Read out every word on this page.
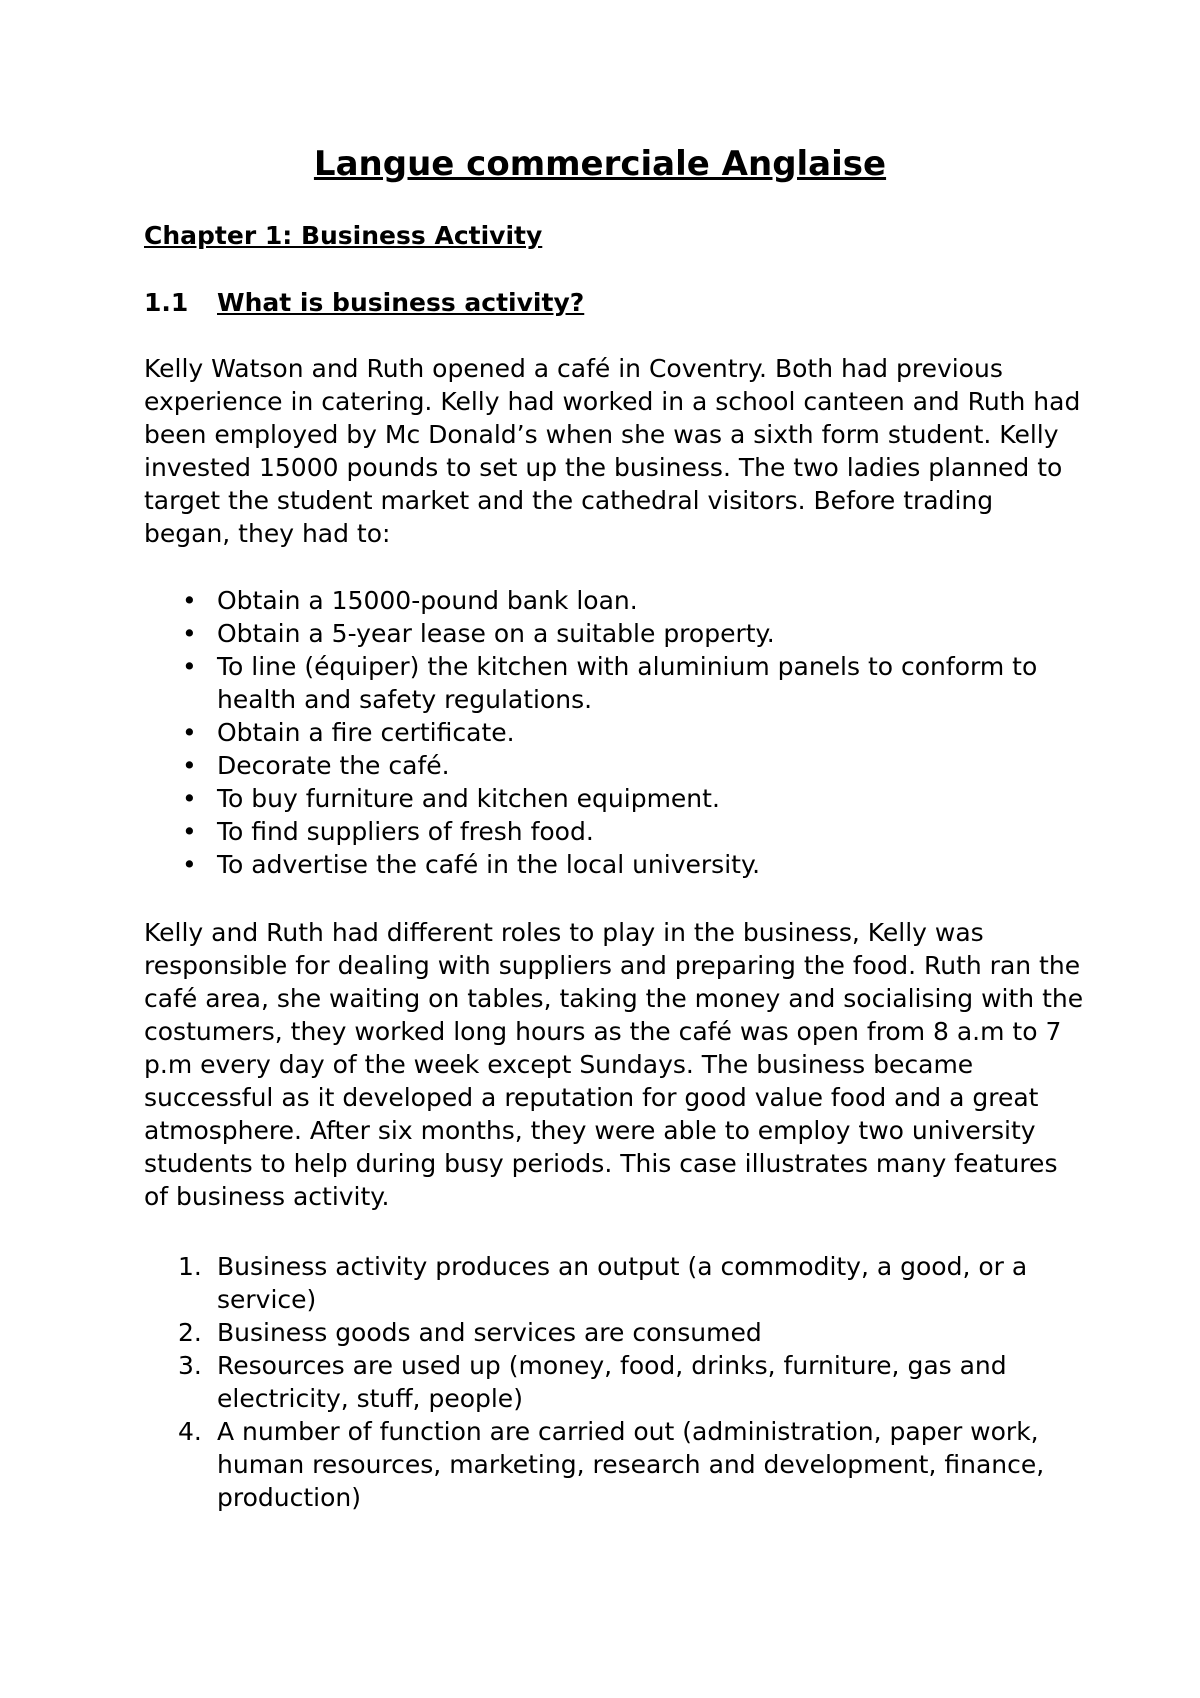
Langue commerciale Anglaise
Chapter 1: Business Activity
1.1 What is business activity?

Kelly Watson and Ruth opened a café in Coventry. Both had previous experience in catering. Kelly had worked in a school canteen and Ruth had been employed by Mc Donald’s when she was a sixth form student. Kelly invested 15000 pounds to set up the business. The two ladies planned to target the student market and the cathedral visitors. Before trading began, they had to:

• Obtain a 15000-pound bank loan.
• Obtain a 5-year lease on a suitable property.
• To line (équiper) the kitchen with aluminium panels to conform to health and safety regulations.
• Obtain a fire certificate.
• Decorate the café.
• To buy furniture and kitchen equipment.
• To find suppliers of fresh food.
• To advertise the café in the local university.

Kelly and Ruth had different roles to play in the business, Kelly was responsible for dealing with suppliers and preparing the food. Ruth ran the café area, she waiting on tables, taking the money and socialising with the costumers, they worked long hours as the café was open from 8 a.m to 7 p.m every day of the week except Sundays. The business became successful as it developed a reputation for good value food and a great atmosphere. After six months, they were able to employ two university students to help during busy periods. This case illustrates many features of business activity.

1. Business activity produces an output (a commodity, a good, or a service)
2. Business goods and services are consumed
3. Resources are used up (money, food, drinks, furniture, gas and electricity, stuff, people)
4. A number of function are carried out (administration, paper work, human resources, marketing, research and development, finance, production)
